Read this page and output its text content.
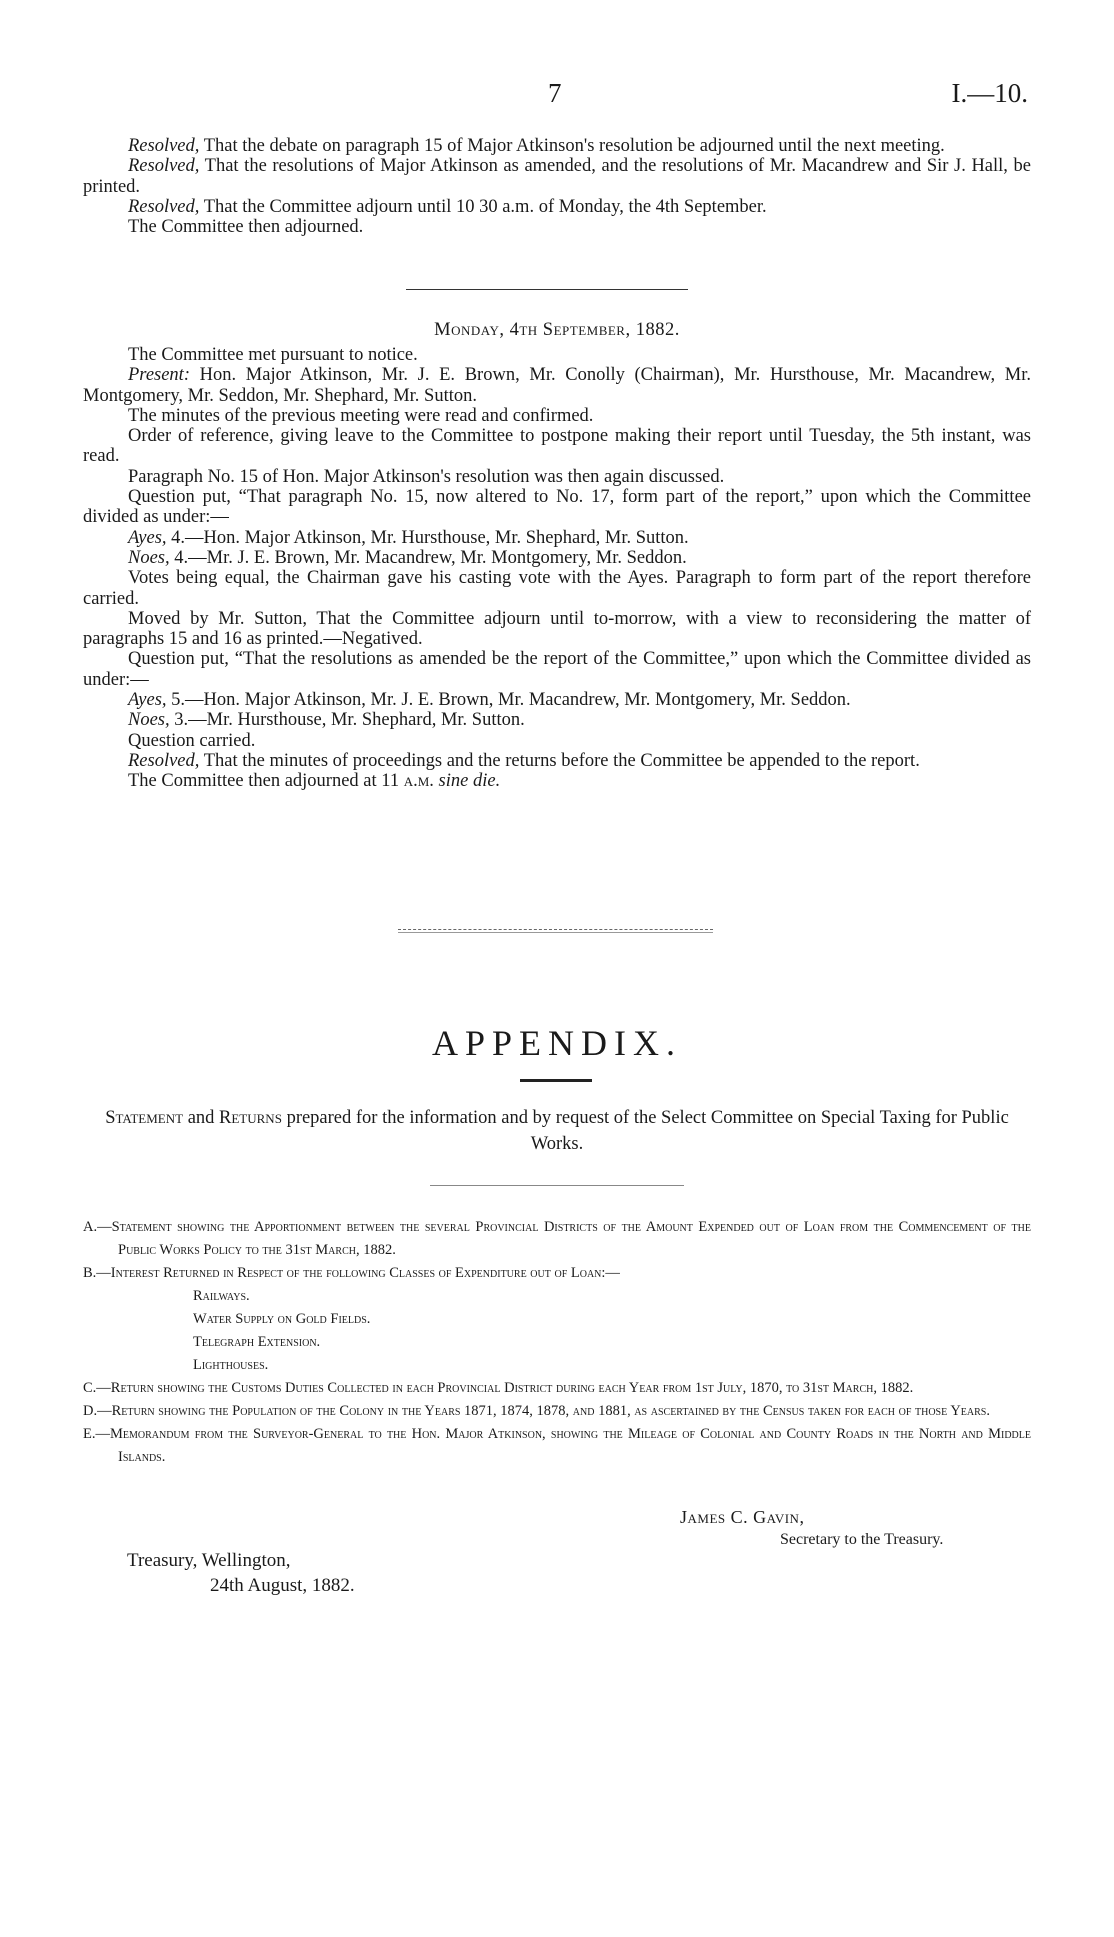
7	I.—10.

Resolved, That the debate on paragraph 15 of Major Atkinson's resolution be adjourned until the next meeting.

Resolved, That the resolutions of Major Atkinson as amended, and the resolutions of Mr. Macandrew and Sir J. Hall, be printed.

Resolved, That the Committee adjourn until 10 30 a.m. of Monday, the 4th September.

The Committee then adjourned.

Monday, 4th September, 1882.

The Committee met pursuant to notice.

Present: Hon. Major Atkinson, Mr. J. E. Brown, Mr. Conolly (Chairman), Mr. Hursthouse, Mr. Macandrew, Mr. Montgomery, Mr. Seddon, Mr. Shephard, Mr. Sutton.

The minutes of the previous meeting were read and confirmed.

Order of reference, giving leave to the Committee to postpone making their report until Tuesday, the 5th instant, was read.

Paragraph No. 15 of Hon. Major Atkinson's resolution was then again discussed.

Question put, “That paragraph No. 15, now altered to No. 17, form part of the report,” upon which the Committee divided as under:—

Ayes, 4.—Hon. Major Atkinson, Mr. Hursthouse, Mr. Shephard, Mr. Sutton.

Noes, 4.—Mr. J. E. Brown, Mr. Macandrew, Mr. Montgomery, Mr. Seddon.

Votes being equal, the Chairman gave his casting vote with the Ayes. Paragraph to form part of the report therefore carried.

Moved by Mr. Sutton, That the Committee adjourn until to-morrow, with a view to reconsidering the matter of paragraphs 15 and 16 as printed.—Negatived.

Question put, “That the resolutions as amended be the report of the Committee,” upon which the Committee divided as under:—

Ayes, 5.—Hon. Major Atkinson, Mr. J. E. Brown, Mr. Macandrew, Mr. Montgomery, Mr. Seddon.

Noes, 3.—Mr. Hursthouse, Mr. Shephard, Mr. Sutton.

Question carried.

Resolved, That the minutes of proceedings and the returns before the Committee be appended to the report.

The Committee then adjourned at 11 a.m. sine die.

APPENDIX.
Statement and Returns prepared for the information and by request of the Select Committee on Special Taxing for Public Works.

A.—Statement showing the Apportionment between the several Provincial Districts of the Amount Expended out of Loan from the Commencement of the Public Works Policy to the 31st March, 1882.

B.—Interest Returned in Respect of the following Classes of Expenditure out of Loan:—

Railways.

Water Supply on Gold Fields.

Telegraph Extension.

Lighthouses.

C.—Return showing the Customs Duties Collected in each Provincial District during each Year from 1st July, 1870, to 31st March, 1882.

D.—Return showing the Population of the Colony in the Years 1871, 1874, 1878, and 1881, as ascertained by the Census taken for each of those Years.

E.—Memorandum from the Surveyor-General to the Hon. Major Atkinson, showing the Mileage of Colonial and County Roads in the North and Middle Islands.

James C. Gavin,
Secretary to the Treasury.
Treasury, Wellington,
24th August, 1882.
